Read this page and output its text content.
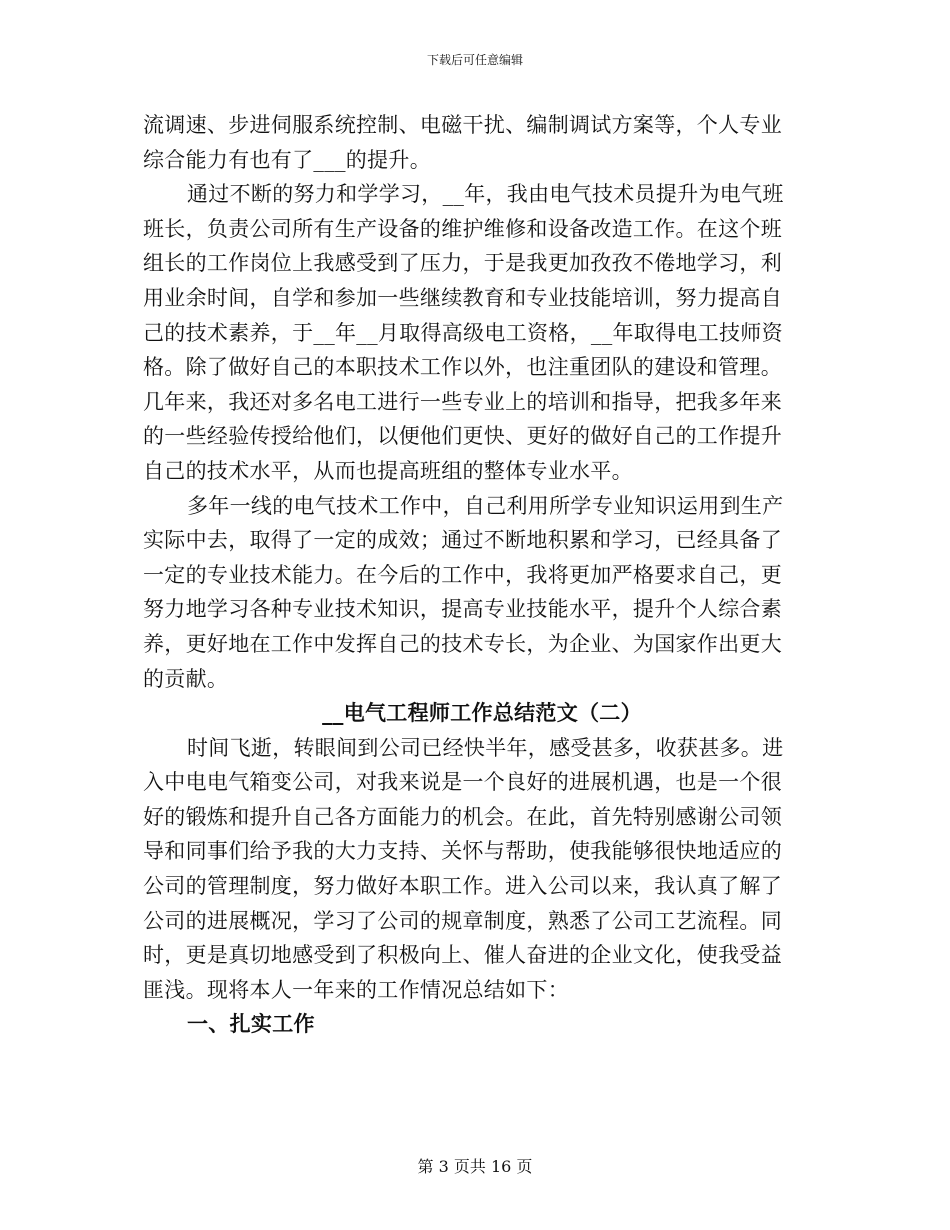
下载后可任意编辑
流调速、步进伺服系统控制、电磁干扰、编制调试方案等，个人专业
综合能力有也有了___的提升。
通过不断的努力和学学习，__年，我由电气技术员提升为电气班
班长，负责公司所有生产设备的维护维修和设备改造工作。在这个班
组长的工作岗位上我感受到了压力，于是我更加孜孜不倦地学习，利
用业余时间，自学和参加一些继续教育和专业技能培训，努力提高自
己的技术素养，于__年__月取得高级电工资格，__年取得电工技师资
格。除了做好自己的本职技术工作以外，也注重团队的建设和管理。
几年来，我还对多名电工进行一些专业上的培训和指导，把我多年来
的一些经验传授给他们，以便他们更快、更好的做好自己的工作提升
自己的技术水平，从而也提高班组的整体专业水平。
多年一线的电气技术工作中，自己利用所学专业知识运用到生产
实际中去，取得了一定的成效；通过不断地积累和学习，已经具备了
一定的专业技术能力。在今后的工作中，我将更加严格要求自己，更
努力地学习各种专业技术知识，提高专业技能水平，提升个人综合素
养，更好地在工作中发挥自己的技术专长，为企业、为国家作出更大
的贡献。
__电气工程师工作总结范文（二）
时间飞逝，转眼间到公司已经快半年，感受甚多，收获甚多。进
入中电电气箱变公司，对我来说是一个良好的进展机遇，也是一个很
好的锻炼和提升自己各方面能力的机会。在此，首先特别感谢公司领
导和同事们给予我的大力支持、关怀与帮助，使我能够很快地适应的
公司的管理制度，努力做好本职工作。进入公司以来，我认真了解了
公司的进展概况，学习了公司的规章制度，熟悉了公司工艺流程。同
时，更是真切地感受到了积极向上、催人奋进的企业文化，使我受益
匪浅。现将本人一年来的工作情况总结如下：
一、扎实工作
第 3 页共 16 页
